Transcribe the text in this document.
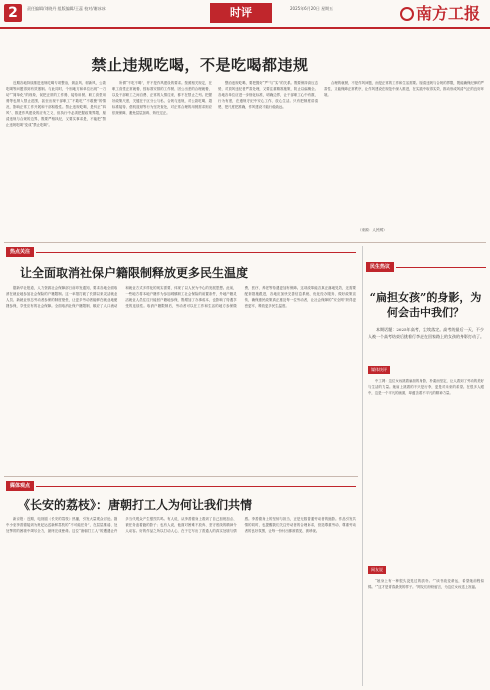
2	责任编辑/刘晓丹 组版编辑/王蕊 校对/谢冰冰	时评	2025年6月20日 星期五	南方工报
禁止违规吃喝，不是吃喝都违规

近期各地持续推进违规吃喝专项整治，刹歪风、树新风，公款吃喝等问题得到有效遏制。与此同时，个别地方和单位出现“一刀切”“简单化”的现象，误把正常的工作餐、接待用餐、职工食堂用餐等也纳入禁止范围，甚至出现干部职工“不敢吃”“不敢聚”的情况，影响正常工作开展和干部积极性。禁止违规吃喝，是纠正“四风”、推进作风建设的应有之义，但执行中必须把握政策界限，厘清违规与合规的边界，既要严格执纪，又要实事求是，不能把“禁止违规吃喝”变成“禁止吃喝”。

所谓“不吃不喝”，并不是作风建设的要求。按照相关规定，在职工食堂正常就餐、按标准安排的工作餐、因公出差的合理就餐，以及干部职工之间自费、正常的人情往来，都不在禁止之列。把握好政策尺度，关键在于区分公与私、合规与违规，对公款吃喝、超标准接待、借机敛财等行为坚决查处，对正常合理的用餐需求则应依规保障，避免层层加码、矫枉过正。

整治违规吃喝，要把握好“严”与“实”的关系。既要保持高压态势，对顶风违纪者严肃处理，又要注重精准施策，防止以偏概全。各地各单位应进一步细化标准，明确边界，让干部职工心中有数、行为有度，在遵规守纪中安心工作、放心生活。只有把制度讲清楚、把尺度把准确，作风建设才能行稳致远。

合理的就餐，不是作风问题，而是正常的工作和生活需要。厘清违规与合规的界限，既能确保纪律的严肃性，又能保障正常秩序，让作风建设在规范中深入推进，在实践中取得实效，推动形成风清气正的良好环境。

（来源：人民网）
热点关注
让全面取消社保户籍限制释放更多民生温度

据新华社报道，人力资源社会保障部日前印发通知，要求各地全面取消在就业地参加社会保险的户籍限制。这一举措打破了长期以来灵活就业人员、新就业形态劳动者参保的制度壁垒，让更多劳动者能够在就业地便捷参保，享受应有的社会保障。全面取消社保户籍限制，顺应了人口流动和就业方式多样化的现实需要，体现了以人民为中心的发展思想。此前，一些地方将本地户籍作为参加城镇职工社会保险的前置条件，外地户籍灵活就业人员往往只能回户籍地参保，既增加了办事成本，也影响了待遇享受的连续性。取消户籍限制后，劳动者可以在工作和生活的地方参保缴费，医疗、养老等待遇更加有保障。这项改革能否真正落地见效，还需要配套措施跟进，各地应加快完善信息系统、优化经办服务、做好政策宣传，确保惠民政策真正惠及每一位劳动者，让社会保障的“安全网”织得更密更牢，释放更多民生温度。

媒体观点
《长安的荔枝》：唐朝打工人为何让我们共情

新京报：近期，电视剧《长安的荔枝》热播，引发大量观众讨论。剧中小吏李善德接到为贵妃运送新鲜荔枝的“不可能任务”，在层层推诿、处处掣肘的困境中竭尽全力，最终完成使命。这位“唐朝打工人”的遭遇让许多当代观众产生强烈共鸣。有人说，从李善德身上看到了自己加班加点、被任务追着跑的影子；也有人说，他面对困难不放弃、坚守底线的精神令人动容。好的作品之所以打动人心，在于它写出了普通人的真实处境与情感。李善德身上的坚韧与担当，正是无数普通劳动者的缩影。作品引发共情的同时，也提醒我们关注劳动者的合理诉求，营造尊重劳动、尊重劳动者的良好氛围，让每一份付出都被看见、被珍视。

民生热议
“扁担女孩”的身影，为何会击中我们？

本期话题：2025年高考，尘埃落定。高考的最后一天，不少人被一个高考结束后挑着行李走在回家路上的女孩的身影打动了。

媒体快评

中工网：这位女孩挑着扁担的身影，朴素而坚定，让人看到了劳动的美好与生活的力量。她肩上挑着的不只是行李，更是对未来的希望。在很多人眼中，这是一个平凡的画面，却蕴含着不平凡的精神力量。

网友说

“她身上有一种很久没见过的质朴。”“读书改变命运，希望她前程似锦。”“这才是青春最美的样子。”网友们纷纷留言，为这位女孩送上祝福。
